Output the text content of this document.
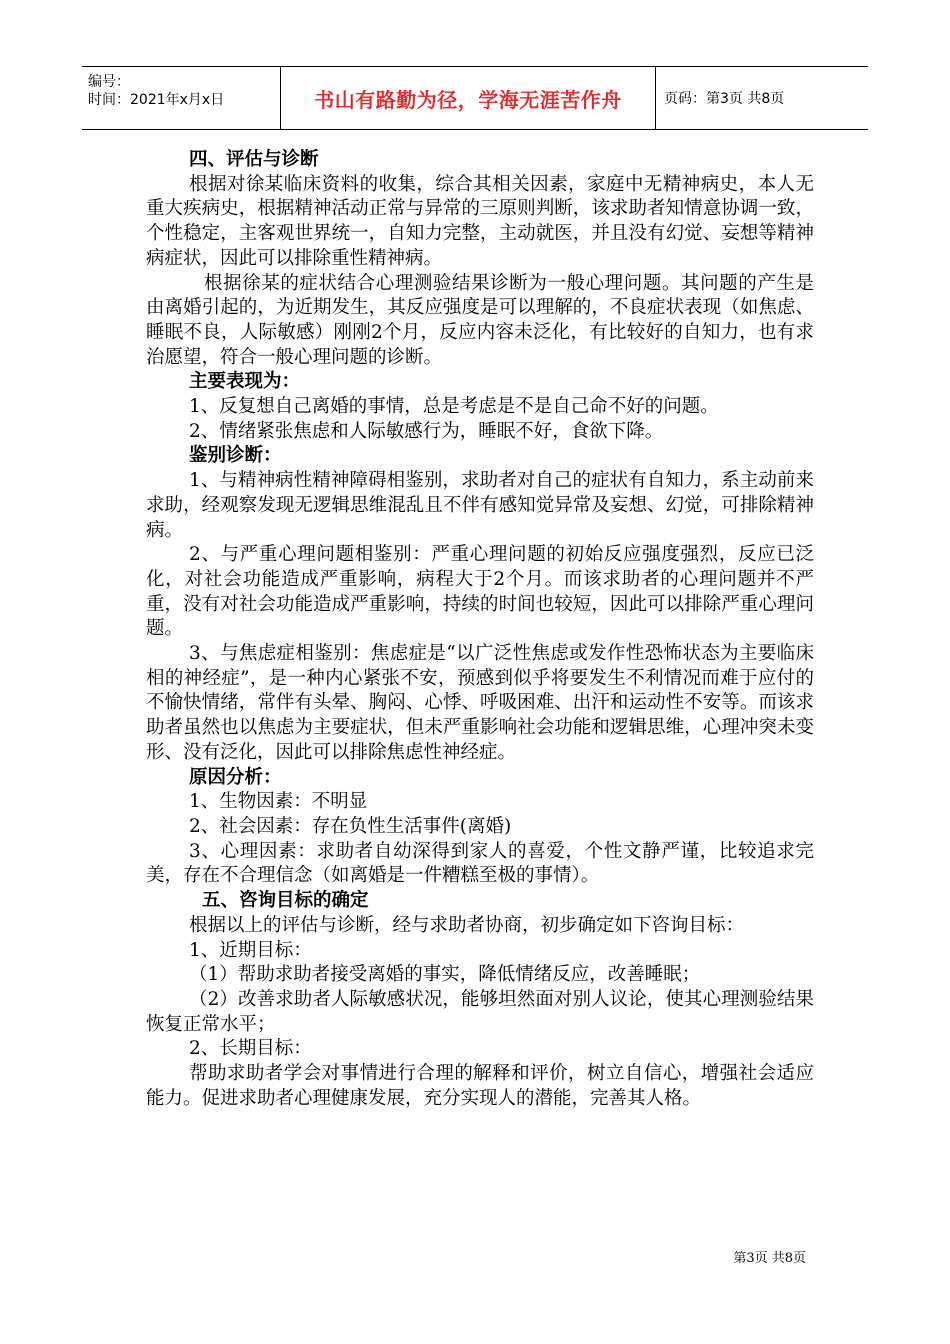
编号：
时间：2021年x月x日	书山有路勤为径，学海无涯苦作舟	页码：第3页 共8页

四、评估与诊断

根据对徐某临床资料的收集，综合其相关因素，家庭中无精神病史，本人无重大疾病史，根据精神活动正常与异常的三原则判断，该求助者知情意协调一致，个性稳定，主客观世界统一，自知力完整，主动就医，并且没有幻觉、妄想等精神病症状，因此可以排除重性精神病。

根据徐某的症状结合心理测验结果诊断为一般心理问题。其问题的产生是由离婚引起的，为近期发生，其反应强度是可以理解的，不良症状表现（如焦虑、睡眠不良，人际敏感）刚刚2个月，反应内容未泛化，有比较好的自知力，也有求治愿望，符合一般心理问题的诊断。

主要表现为：

1、反复想自己离婚的事情，总是考虑是不是自己命不好的问题。

2、情绪紧张焦虑和人际敏感行为，睡眠不好，食欲下降。

鉴别诊断：

1、与精神病性精神障碍相鉴别，求助者对自己的症状有自知力，系主动前来求助，经观察发现无逻辑思维混乱且不伴有感知觉异常及妄想、幻觉，可排除精神病。

2、与严重心理问题相鉴别：严重心理问题的初始反应强度强烈，反应已泛化，对社会功能造成严重影响，病程大于2个月。而该求助者的心理问题并不严重，没有对社会功能造成严重影响，持续的时间也较短，因此可以排除严重心理问题。

3、与焦虑症相鉴别：焦虑症是“以广泛性焦虑或发作性恐怖状态为主要临床相的神经症”，是一种内心紧张不安，预感到似乎将要发生不利情况而难于应付的不愉快情绪，常伴有头晕、胸闷、心悸、呼吸困难、出汗和运动性不安等。而该求助者虽然也以焦虑为主要症状，但未严重影响社会功能和逻辑思维，心理冲突未变形、没有泛化，因此可以排除焦虑性神经症。

原因分析：

1、生物因素：不明显

2、社会因素：存在负性生活事件(离婚)

3、心理因素：求助者自幼深得到家人的喜爱，个性文静严谨，比较追求完美，存在不合理信念（如离婚是一件糟糕至极的事情）。

五、咨询目标的确定

根据以上的评估与诊断，经与求助者协商，初步确定如下咨询目标：

1、近期目标：

（1）帮助求助者接受离婚的事实，降低情绪反应，改善睡眠；

（2）改善求助者人际敏感状况，能够坦然面对别人议论，使其心理测验结果恢复正常水平；

2、长期目标：

帮助求助者学会对事情进行合理的解释和评价，树立自信心，增强社会适应能力。促进求助者心理健康发展，充分实现人的潜能，完善其人格。

第3页 共8页
